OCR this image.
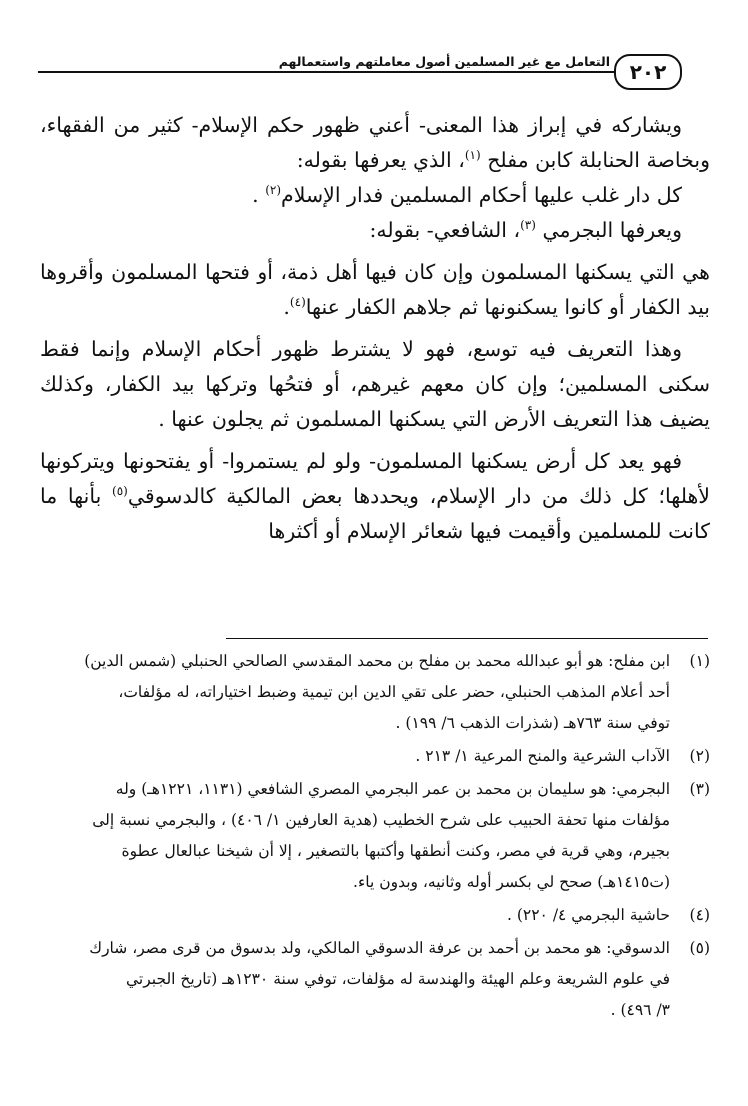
التعامل مع غير المسلمين أصول معاملتهم واستعمالهم ٢٠٢

ويشاركه في إبراز هذا المعنى- أعني ظهور حكم الإسلام- كثير من الفقهاء، وبخاصة الحنابلة كابن مفلح $^{(١)}$، الذي يعرفها بقوله:

كل دار غلب عليها أحكام المسلمين فدار الإسلام$^{(٢)}$ .

ويعرفها البجرمي $^{(٣)}$، الشافعي- بقوله:

هي التي يسكنها المسلمون وإن كان فيها أهل ذمة، أو فتحها المسلمون وأقروها بيد الكفار أو كانوا يسكنونها ثم جلاهم الكفار عنها$^{(٤)}$.

وهذا التعريف فيه توسع، فهو لا يشترط ظهور أحكام الإسلام وإنما فقط سكنى المسلمين؛ وإن كان معهم غيرهم، أو فتحُها وتركها بيد الكفار، وكذلك يضيف هذا التعريف الأرض التي يسكنها المسلمون ثم يجلون عنها .

فهو يعد كل أرض يسكنها المسلمون- ولو لم يستمروا- أو يفتحونها ويتركونها لأهلها؛ كل ذلك من دار الإسلام، ويحددها بعض المالكية كالدسوقي$^{(٥)}$ بأنها ما كانت للمسلمين وأقيمت فيها شعائر الإسلام أو أكثرها

(١)
ابن مفلح: هو أبو عبدالله محمد بن مفلح بن محمد المقدسي الصالحي الحنبلي (شمس الدين)
أحد أعلام المذهب الحنبلي، حضر على تقي الدين ابن تيمية وضبط اختياراته، له مؤلفات،
توفي سنة ٧٦٣هـ (شذرات الذهب ٦/ ١٩٩) .
(٢)
الآداب الشرعية والمنح المرعية ١/ ٢١٣ .
(٣)
البجرمي: هو سليمان بن محمد بن عمر البجرمي المصري الشافعي (١١٣١، ١٢٢١هـ) وله
مؤلفات منها تحفة الحبيب على شرح الخطيب (هدية العارفين ١/ ٤٠٦) ، والبجرمي نسبة إلى
بجيرم، وهي قرية في مصر، وكنت أنطقها وأكتبها بالتصغير ، إلا أن شيخنا عبالعال عطوة
(ت١٤١٥هـ) صحح لي بكسر أوله وثانيه، وبدون ياء.
(٤)
حاشية البجرمي ٤/ ٢٢٠) .
(٥)
الدسوقي: هو محمد بن أحمد بن عرفة الدسوقي المالكي، ولد بدسوق من قرى مصر، شارك
في علوم الشريعة وعلم الهيئة والهندسة له مؤلفات، توفي سنة ١٢٣٠هـ (تاريخ الجبرتي
٣/ ٤٩٦) .
